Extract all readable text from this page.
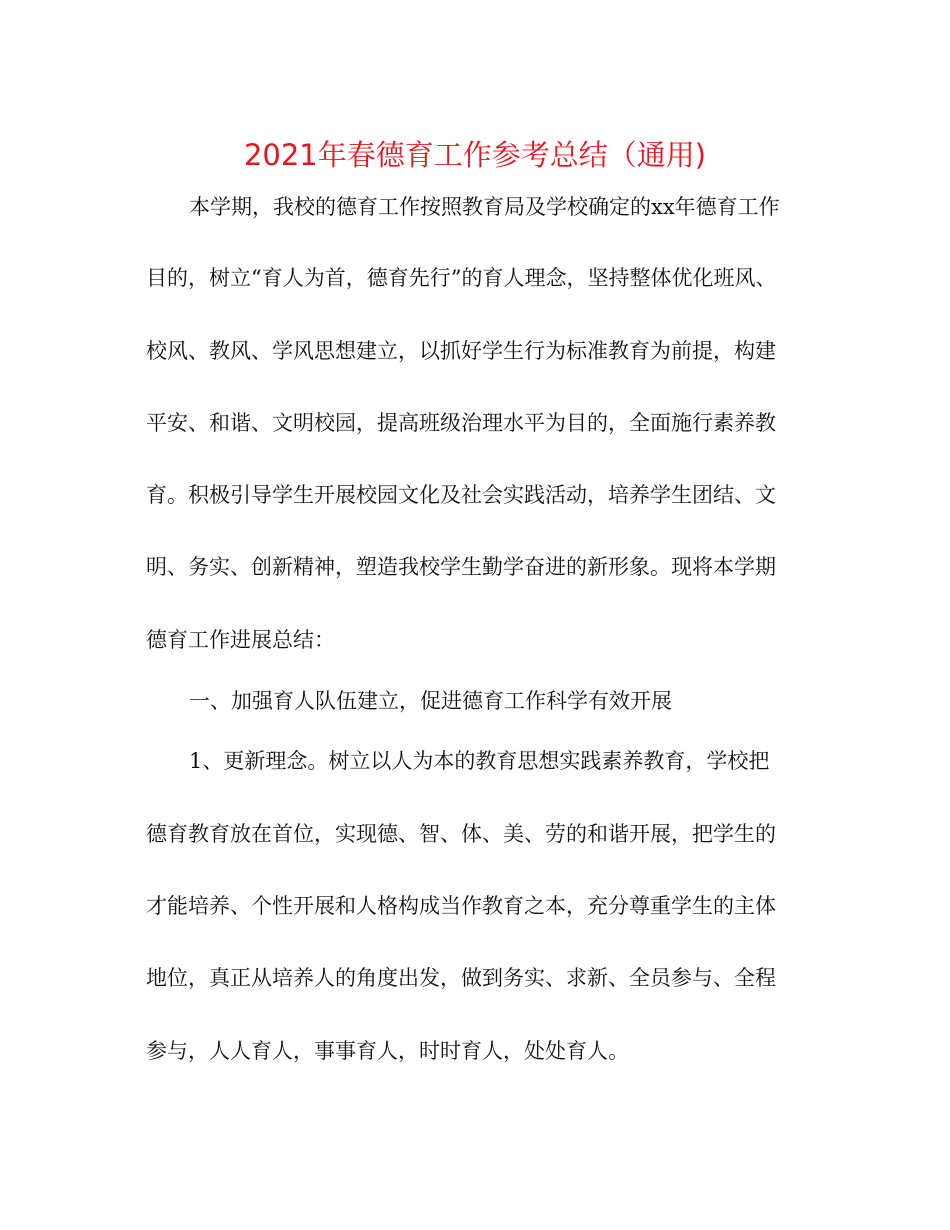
2021年春德育工作参考总结（通用)
本学期，我校的德育工作按照教育局及学校确定的xx年德育工作
目的，树立“育人为首，德育先行”的育人理念，坚持整体优化班风、
校风、教风、学风思想建立，以抓好学生行为标准教育为前提，构建
平安、和谐、文明校园，提高班级治理水平为目的，全面施行素养教
育。积极引导学生开展校园文化及社会实践活动，培养学生团结、文
明、务实、创新精神，塑造我校学生勤学奋进的新形象。现将本学期
德育工作进展总结：
一、加强育人队伍建立，促进德育工作科学有效开展
1、更新理念。树立以人为本的教育思想实践素养教育，学校把
德育教育放在首位，实现德、智、体、美、劳的和谐开展，把学生的
才能培养、个性开展和人格构成当作教育之本，充分尊重学生的主体
地位，真正从培养人的角度出发，做到务实、求新、全员参与、全程
参与，人人育人，事事育人，时时育人，处处育人。
